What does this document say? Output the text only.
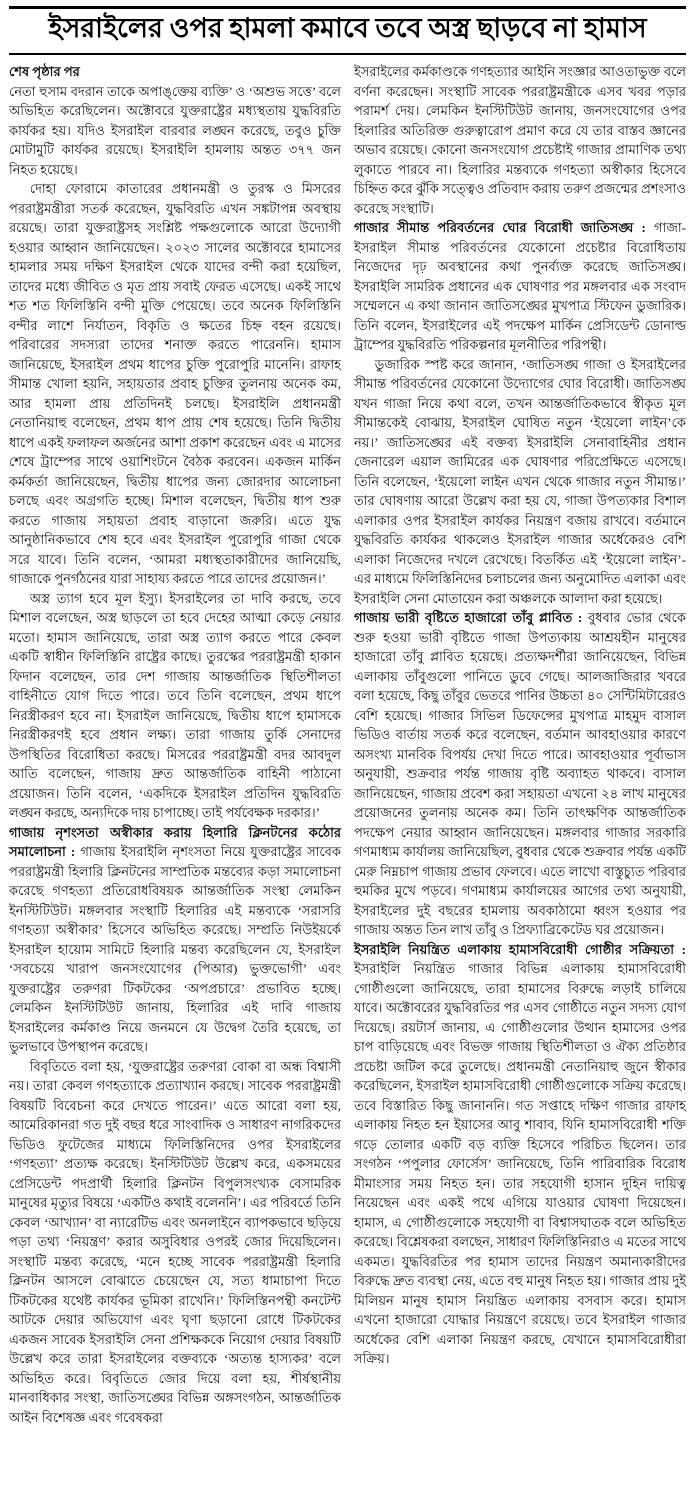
ইসরাইলের ওপর হামলা কমাবে তবে অস্ত্র ছাড়বে না হামাস

শেষ পৃষ্ঠার পর

নেতা হুসাম বদরান তাকে অপাঙ্‌ক্তেয় ব্যক্তি’ ও ‘অশুভ সত্তে’ বলে অভিহিত করেছিলেন। অক্টোবরে যুক্তরাষ্ট্রের মধ্যস্থতায় যুদ্ধবিরতি কার্যকর হয়। যদিও ইসরাইল বারবার লঙ্ঘন করেছে, তবুও চুক্তি মোটামুটি কার্যকর রয়েছে। ইসরাইলি হামলায় অন্তত ৩৭৭ জন নিহত হয়েছে।

দোহা ফোরামে কাতারের প্রধানমন্ত্রী ও তুরস্ক ও মিসরের পররাষ্ট্রমন্ত্রীরা সতর্ক করেছেন, যুদ্ধবিরতি এখন সঙ্কটাপন্ন অবস্থায় রয়েছে। তারা যুক্তরাষ্ট্রসহ সংশ্লিষ্ট পক্ষগুলোকে আরো উদ্যোগী হওয়ার আহ্বান জানিয়েছেন। ২০২৩ সালের অক্টোবরে হামাসের হামলার সময় দক্ষিণ ইসরাইল থেকে যাদের বন্দী করা হয়েছিল, তাদের মধ্যে জীবিত ও মৃত প্রায় সবাই ফেরত এসেছে। একই সাথে শত শত ফিলিস্তিনি বন্দী মুক্তি পেয়েছে। তবে অনেক ফিলিস্তিনি বন্দীর লাশে নির্যাতন, বিকৃতি ও ক্ষতের চিহ্ন বহন রয়েছে। পরিবারের সদস্যরা তাদের শনাক্ত করতে পারেননি। হামাস জানিয়েছে, ইসরাইল প্রথম ধাপের চুক্তি পুরোপুরি মানেনি। রাফাহ সীমান্ত খোলা হয়নি, সহায়তার প্রবাহ চুক্তির তুলনায় অনেক কম, আর হামলা প্রায় প্রতিদিনই চলছে। ইসরাইলি প্রধানমন্ত্রী নেতানিয়াহু বলেছেন, প্রথম ধাপ প্রায় শেষ হয়েছে। তিনি দ্বিতীয় ধাপে একই ফলাফল অর্জনের আশা প্রকাশ করেছেন এবং এ মাসের শেষে ট্রাম্পের সাথে ওয়াশিংটনে বৈঠক করবেন। একজন মার্কিন কর্মকর্তা জানিয়েছেন, দ্বিতীয় ধাপের জন্য জোরদার আলোচনা চলছে এবং অগ্রগতি হচ্ছে। মিশাল বলেছেন, দ্বিতীয় ধাপ শুরু করতে গাজায় সহায়তা প্রবাহ বাড়ানো জরুরি। এতে যুদ্ধ আনুষ্ঠানিকভাবে শেষ হবে এবং ইসরাইল পুরোপুরি গাজা থেকে সরে যাবে। তিনি বলেন, ‘আমরা মধ্যস্থতাকারীদের জানিয়েছি, গাজাকে পুনর্গঠনের যারা সাহায্য করতে পারে তাদের প্রয়োজন।’

অস্ত্র ত্যাগ হবে মূল ইস্যু। ইসরাইলের তা দাবি করছে, তবে মিশাল বলেছেন, অস্ত্র ছাড়লে তা হবে দেহের আত্মা কেড়ে নেয়ার মতো। হামাস জানিয়েছে, তারা অস্ত্র ত্যাগ করতে পারে কেবল একটি স্বাধীন ফিলিস্তিনি রাষ্ট্রের কাছে। তুরস্কের পররাষ্ট্রমন্ত্রী হাকান ফিদান বলেছেন, তার দেশ গাজায় আন্তর্জাতিক স্থিতিশীলতা বাহিনীতে যোগ দিতে পারে। তবে তিনি বলেছেন, প্রথম ধাপে নিরস্ত্রীকরণ হবে না। ইসরাইল জানিয়েছে, দ্বিতীয় ধাপে হামাসকে নিরস্ত্রীকরণই হবে প্রধান লক্ষ্য। তারা গাজায় তুর্কি সেনাদের উপস্থিতির বিরোধিতা করছে। মিসরের পররাষ্ট্রমন্ত্রী বদর আবদুল আতি বলেছেন, গাজায় দ্রুত আন্তর্জাতিক বাহিনী পাঠানো প্রয়োজন। তিনি বলেন, ‘একদিকে ইসরাইল প্রতিদিন যুদ্ধবিরতি লঙ্ঘন করছে, অন্যদিকে দায় চাপাচ্ছে। তাই পর্যবেক্ষক দরকার।’

গাজায় নৃশংসতা অস্বীকার করায় হিলারি ক্লিনটনের কঠোর সমালোচনা : গাজায় ইসরাইলি নৃশংসতা নিয়ে যুক্তরাষ্ট্রের সাবেক পররাষ্ট্রমন্ত্রী হিলারি ক্লিনটনের সাম্প্রতিক মন্তব্যের কড়া সমালোচনা করেছে গণহত্যা প্রতিরোধবিষয়ক আন্তর্জাতিক সংস্থা লেমকিন ইনস্টিটিউট। মঙ্গলবার সংস্থাটি হিলারির এই মন্তব্যকে ‘সরাসরি গণহত্যা অস্বীকার’ হিসেবে অভিহিত করেছে। সম্প্রতি নিউইয়র্কে ইসরাইল হায়োম সামিটে হিলারি মন্তব্য করেছিলেন যে, ইসরাইল ‘সবচেয়ে খারাপ জনসংযোগের (পিআর) ভুক্তভোগী’ এবং যুক্তরাষ্ট্রের তরুণরা টিকটকের ‘অপপ্রচারে’ প্রভাবিত হচ্ছে। লেমকিন ইনস্টিটিউট জানায়, হিলারির এই দাবি গাজায় ইসরাইলের কর্মকাণ্ড নিয়ে জনমনে যে উদ্বেগ তৈরি হয়েছে, তা ভুলভাবে উপস্থাপন করেছে।

বিবৃতিতে বলা হয়, ‘যুক্তরাষ্ট্রের তরুণরা বোকা বা অন্ধ বিশ্বাসী নয়। তারা কেবল গণহত্যাকে প্রত্যাখ্যান করছে। সাবেক পররাষ্ট্রমন্ত্রী বিষয়টি বিবেচনা করে দেখতে পারেন।’ এতে আরো বলা হয়, আমেরিকানরা গত দুই বছর ধরে সাংবাদিক ও সাধারণ নাগরিকদের ভিডিও ফুটেজের মাধ্যমে ফিলিস্তিনিদের ওপর ইসরাইলের ‘গণহত্যা’ প্রত্যক্ষ করেছে। ইনস্টিটিউট উল্লেখ করে, একসময়ের প্রেসিডেন্ট পদপ্রার্থী হিলারি ক্লিনটন বিপুলসংখ্যক বেসামরিক মানুষের মৃত্যুর বিষয়ে ‘একটিও কথাই বলেননি’। এর পরিবর্তে তিনি কেবল ‘আখ্যান’ বা ন্যারেটিভ এবং অনলাইনে ব্যাপকভাবে ছড়িয়ে পড়া তথ্য ‘নিয়ন্ত্রণ’ করার অসুবিধার ওপরই জোর দিয়েছিলেন। সংস্থাটি মন্তব্য করেছে, ‘মনে হচ্ছে সাবেক পররাষ্ট্রমন্ত্রী হিলারি ক্লিনটন আসলে বোঝাতে চেয়েছেন যে, সত্য ধামাচাপা দিতে টিকটকের যথেষ্ট কার্যকর ভূমিকা রাখেনি।’ ফিলিস্তিনপন্থী কনটেন্ট আটকে দেয়ার অভিযোগ এবং ঘৃণা ছড়ানো রোধে টিকটকের একজন সাবেক ইসরাইলি সেনা প্রশিক্ষককে নিয়োগ দেয়ার বিষয়টি উল্লেখ করে তারা ইসরাইলের বক্তব্যকে ‘অত্যন্ত হাস্যকর’ বলে অভিহিত করে। বিবৃতিতে জোর দিয়ে বলা হয়, শীর্ষস্থানীয় মানবাধিকার সংস্থা, জাতিসঙ্ঘের বিভিন্ন অঙ্গসংগঠন, আন্তর্জাতিক আইন বিশেষজ্ঞ এবং গবেষকরা

ইসরাইলের কর্মকাণ্ডকে গণহত্যার আইনি সংজ্ঞার আওতাভুক্ত বলে বর্ণনা করেছেন। সংস্থাটি সাবেক পররাষ্ট্রমন্ত্রীকে এসব খবর পড়ার পরামর্শ দেয়। লেমকিন ইনস্টিটিউট জানায়, জনসংযোগের ওপর হিলারির অতিরিক্ত গুরুত্বারোপ প্রমাণ করে যে তার বাস্তব জ্ঞানের অভাব রয়েছে। কোনো জনসংযোগ প্রচেষ্টাই গাজার প্রামাণিক তথ্য লুকাতে পারবে না। হিলারির মন্তব্যকে গণহত্যা অস্বীকার হিসেবে চিহ্নিত করে ঝুঁকি সত্ত্বেও প্রতিবাদ করায় তরুণ প্রজন্মের প্রশংসাও করেছে সংস্থাটি।

গাজার সীমান্ত পরিবর্তনের ঘোর বিরোধী জাতিসঙ্ঘ : গাজা-ইসরাইল সীমান্ত পরিবর্তনের যেকোনো প্রচেষ্টার বিরোধিতায় নিজেদের দৃঢ় অবস্থানের কথা পুনর্ব্যক্ত করেছে জাতিসঙ্ঘ। ইসরাইলি সামরিক প্রধানের এক ঘোষণার পর মঙ্গলবার এক সংবাদ সম্মেলনে এ কথা জানান জাতিসঙ্ঘের মুখপাত্র স্টিফেন ডুজারিক। তিনি বলেন, ইসরাইলের এই পদক্ষেপ মার্কিন প্রেসিডেন্ট ডোনাল্ড ট্রাম্পের যুদ্ধবিরতি পরিকল্পনার মূলনীতির পরিপন্থী।

ডুজারিক স্পষ্ট করে জানান, ‘জাতিসঙ্ঘ গাজা ও ইসরাইলের সীমান্ত পরিবর্তনের যেকোনো উদ্যোগের ঘোর বিরোধী। জাতিসঙ্ঘ যখন গাজা নিয়ে কথা বলে, তখন আন্তর্জাতিকভাবে স্বীকৃত মূল সীমান্তকেই বোঝায়, ইসরাইল ঘোষিত নতুন ‘ইয়েলো লাইন’কে নয়।’ জাতিসঙ্ঘের এই বক্তব্য ইসরাইলি সেনাবাহিনীর প্রধান জেনারেল এয়াল জামিরের এক ঘোষণার পরিপ্রেক্ষিতে এসেছে। তিনি বলেছেন, ‘ইয়েলো লাইন এখন থেকে গাজার নতুন সীমান্ত।’ তার ঘোষণায় আরো উল্লেখ করা হয় যে, গাজা উপত্যকার বিশাল এলাকার ওপর ইসরাইল কার্যকর নিয়ন্ত্রণ বজায় রাখবে। বর্তমানে যুদ্ধবিরতি কার্যকর থাকলেও ইসরাইল গাজার অর্ধেকেরও বেশি এলাকা নিজেদের দখলে রেখেছে। বিতর্কিত এই ‘ইয়েলো লাইন’-এর মাধ্যমে ফিলিস্তিনিদের চলাচলের জন্য অনুমোদিত এলাকা এবং ইসরাইলি সেনা মোতায়েন করা অঞ্চলকে আলাদা করা হয়েছে।

গাজায় ভারী বৃষ্টিতে হাজারো তাঁবু প্লাবিত : বুধবার ভোর থেকে শুরু হওয়া ভারী বৃষ্টিতে গাজা উপত্যকায় আশ্রয়হীন মানুষের হাজারো তাঁবু প্লাবিত হয়েছে। প্রত্যক্ষদর্শীরা জানিয়েছেন, বিভিন্ন এলাকায় তাঁবুগুলো পানিতে ডুবে গেছে। আলজাজিরার খবরে বলা হয়েছে, কিছু তাঁবুর ভেতরে পানির উচ্চতা ৪০ সেন্টিমিটারেরও বেশি হয়েছে। গাজার সিভিল ডিফেন্সের মুখপাত্র মাহমুদ বাসাল ভিডিও বার্তায় সতর্ক করে বলেছেন, বর্তমান আবহাওয়ার কারণে অসংখ্য মানবিক বিপর্যয় দেখা দিতে পারে। আবহাওয়ার পূর্বাভাস অনুযায়ী, শুক্রবার পর্যন্ত গাজায় বৃষ্টি অব্যাহত থাকবে। বাসাল জানিয়েছেন, গাজায় প্রবেশ করা সহায়তা এখনো ২৪ লাখ মানুষের প্রয়োজনের তুলনায় অনেক কম। তিনি তাৎক্ষণিক আন্তর্জাতিক পদক্ষেপ নেয়ার আহ্বান জানিয়েছেন। মঙ্গলবার গাজার সরকারি গণমাধ্যম কার্যালয় জানিয়েছিল, বুধবার থেকে শুক্রবার পর্যন্ত একটি মেরু নিম্নচাপ গাজায় প্রভাব ফেলবে। এতে লাখো বাস্তুচ্যুত পরিবার হুমকির মুখে পড়বে। গণমাধ্যম কার্যালয়ের আগের তথ্য অনুযায়ী, ইসরাইলের দুই বছরের হামলায় অবকাঠামো ধ্বংস হওয়ার পর গাজায় অন্তত তিন লাখ তাঁবু ও প্রিফ্যাব্রিকেটেড ঘর প্রয়োজন।

ইসরাইলি নিয়ন্ত্রিত এলাকায় হামাসবিরোধী গোষ্ঠীর সক্রিয়তা :ইসরাইলি নিয়ন্ত্রিত গাজার বিভিন্ন এলাকায় হামাসবিরোধী গোষ্ঠীগুলো জানিয়েছে, তারা হামাসের বিরুদ্ধে লড়াই চালিয়ে যাবে। অক্টোবরের যুদ্ধবিরতির পর এসব গোষ্ঠীতে নতুন সদস্য যোগ দিয়েছে। রয়টার্স জানায়, এ গোষ্ঠীগুলোর উত্থান হামাসের ওপর চাপ বাড়িয়েছে এবং বিভক্ত গাজায় স্থিতিশীলতা ও ঐক্য প্রতিষ্ঠার প্রচেষ্টা জটিল করে তুলেছে। প্রধানমন্ত্রী নেতানিয়াহু জুনে স্বীকার করেছিলেন, ইসরাইল হামাসবিরোধী গোষ্ঠীগুলোকে সক্রিয় করেছে। তবে বিস্তারিত কিছু জানাননি। গত সপ্তাহে দক্ষিণ গাজার রাফাহ এলাকায় নিহত হন ইয়াসের আবু শাবাব, যিনি হামাসবিরোধী শক্তি গড়ে তোলার একটি বড় ব্যক্তি হিসেবে পরিচিত ছিলেন। তার সংগঠন ‘পপুলার ফোর্সেস’ জানিয়েছে, তিনি পারিবারিক বিরোধ মীমাংসার সময় নিহত হন। তার সহযোগী হাসান দুহিন দায়িত্ব নিয়েছেন এবং একই পথে এগিয়ে যাওয়ার ঘোষণা দিয়েছেন। হামাস, এ গোষ্ঠীগুলোকে সহযোগী বা বিশ্বাসঘাতক বলে অভিহিত করেছে। বিশ্লেষকরা বলছেন, সাধারণ ফিলিস্তিনিরাও এ মতের সাথে একমত। যুদ্ধবিরতির পর হামাস তাদের নিয়ন্ত্রণ অমান্যকারীদের বিরুদ্ধে দ্রুত ব্যবস্থা নেয়, এতে বহু মানুষ নিহত হয়। গাজার প্রায় দুই মিলিয়ন মানুষ হামাস নিয়ন্ত্রিত এলাকায় বসবাস করে। হামাস এখনো হাজারো যোদ্ধার নিয়ন্ত্রণে রয়েছে। তবে ইসরাইল গাজার অর্ধেকের বেশি এলাকা নিয়ন্ত্রণ করছে, যেখানে হামাসবিরোধীরা সক্রিয়।
